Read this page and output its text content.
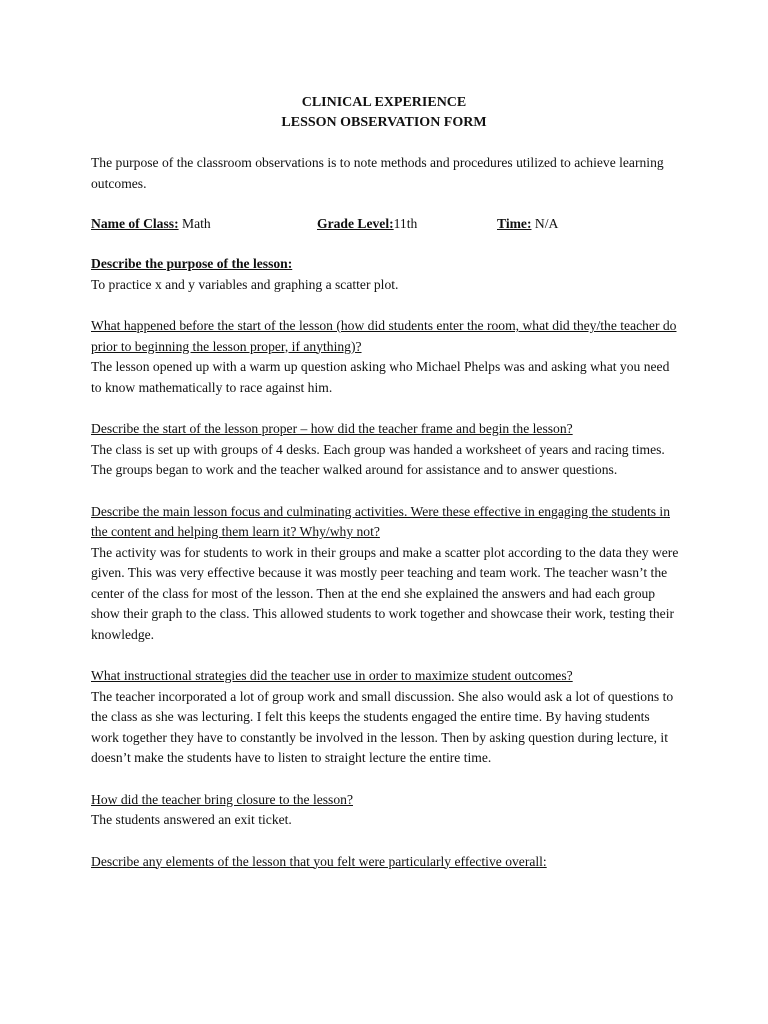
CLINICAL EXPERIENCE
LESSON OBSERVATION FORM

The purpose of the classroom observations is to note methods and procedures utilized to achieve learning outcomes.

Name of Class: Math	Grade Level:11th	Time: N/A

Describe the purpose of the lesson:

To practice x and y variables and graphing a scatter plot.

What happened before the start of the lesson (how did students enter the room, what did they/the teacher do prior to beginning the lesson proper, if anything)?

The lesson opened up with a warm up question asking who Michael Phelps was and asking what you need to know mathematically to race against him.

Describe the start of the lesson proper – how did the teacher frame and begin the lesson?

The class is set up with groups of 4 desks. Each group was handed a worksheet of years and racing times. The groups began to work and the teacher walked around for assistance and to answer questions.

Describe the main lesson focus and culminating activities. Were these effective in engaging the students in the content and helping them learn it? Why/why not?

The activity was for students to work in their groups and make a scatter plot according to the data they were given. This was very effective because it was mostly peer teaching and team work. The teacher wasn’t the center of the class for most of the lesson. Then at the end she explained the answers and had each group show their graph to the class. This allowed students to work together and showcase their work, testing their knowledge.

What instructional strategies did the teacher use in order to maximize student outcomes?

The teacher incorporated a lot of group work and small discussion. She also would ask a lot of questions to the class as she was lecturing. I felt this keeps the students engaged the entire time. By having students work together they have to constantly be involved in the lesson. Then by asking question during lecture, it doesn’t make the students have to listen to straight lecture the entire time.

How did the teacher bring closure to the lesson?

The students answered an exit ticket.

Describe any elements of the lesson that you felt were particularly effective overall:
